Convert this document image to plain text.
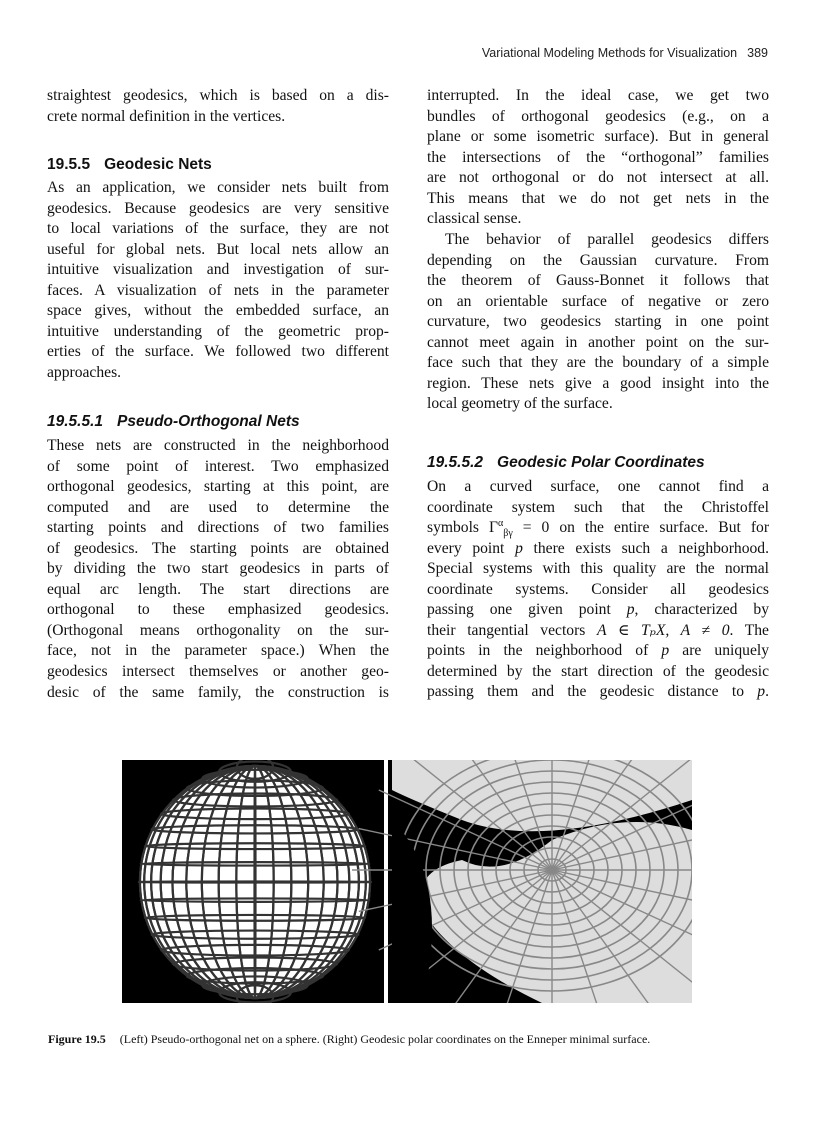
Variational Modeling Methods for Visualization 389
straightest geodesics, which is based on a dis-
crete normal definition in the vertices.
19.5.5 Geodesic Nets
As an application, we consider nets built from
geodesics. Because geodesics are very sensitive
to local variations of the surface, they are not
useful for global nets. But local nets allow an
intuitive visualization and investigation of sur-
faces. A visualization of nets in the parameter
space gives, without the embedded surface, an
intuitive understanding of the geometric prop-
erties of the surface. We followed two different
approaches.
19.5.5.1 Pseudo-Orthogonal Nets
These nets are constructed in the neighborhood
of some point of interest. Two emphasized
orthogonal geodesics, starting at this point, are
computed and are used to determine the
starting points and directions of two families
of geodesics. The starting points are obtained
by dividing the two start geodesics in parts of
equal arc length. The start directions are
orthogonal to these emphasized geodesics.
(Orthogonal means orthogonality on the sur-
face, not in the parameter space.) When the
geodesics intersect themselves or another geo-
desic of the same family, the construction is
interrupted. In the ideal case, we get two
bundles of orthogonal geodesics (e.g., on a
plane or some isometric surface). But in general
the intersections of the “orthogonal” families
are not orthogonal or do not intersect at all.
This means that we do not get nets in the
classical sense.
The behavior of parallel geodesics differs
depending on the Gaussian curvature. From
the theorem of Gauss-Bonnet it follows that
on an orientable surface of negative or zero
curvature, two geodesics starting in one point
cannot meet again in another point on the sur-
face such that they are the boundary of a simple
region. These nets give a good insight into the
local geometry of the surface.
19.5.5.2 Geodesic Polar Coordinates
On a curved surface, one cannot find a
coordinate system such that the Christoffel
symbols $\Gamma^\alpha_{\beta\gamma} = 0$ on the entire surface. But for
every point p there exists such a neighborhood.
Special systems with this quality are the normal
coordinate systems. Consider all geodesics
passing one given point p, characterized by
their tangential vectors A ∈ TₚX, A ≠ 0. The
points in the neighborhood of p are uniquely
determined by the start direction of the geodesic
passing them and the geodesic distance to p.
Figure 19.5 (Left) Pseudo-orthogonal net on a sphere. (Right) Geodesic polar coordinates on the Enneper minimal surface.
